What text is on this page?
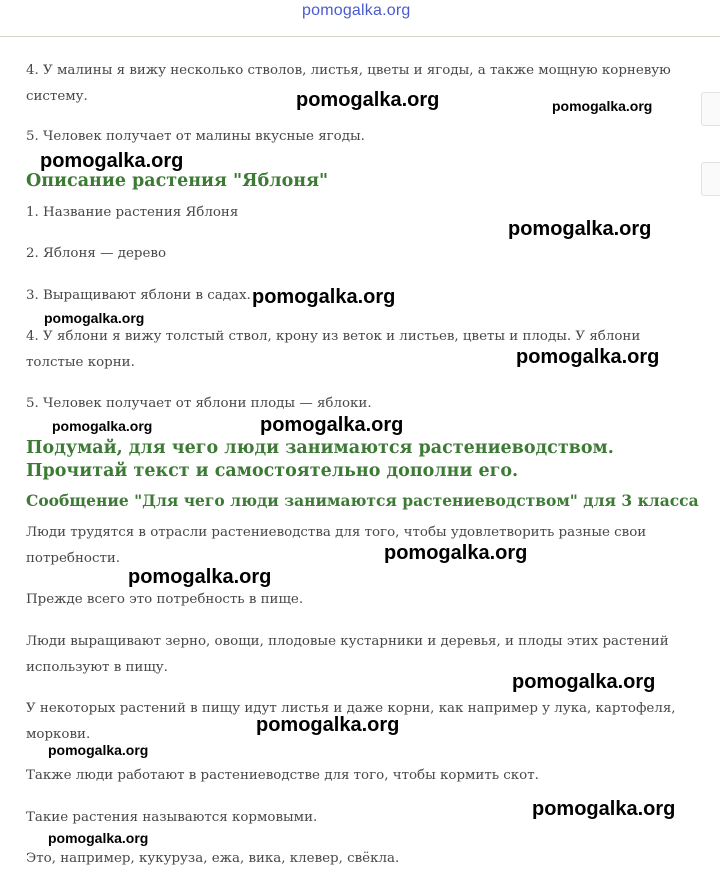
pomogalka.org

4. У малины я вижу несколько стволов, листья, цветы и ягоды, а также мощную корневую систему.

5. Человек получает от малины вкусные ягоды.

Описание растения "Яблоня"

1. Название растения Яблоня

2. Яблоня — дерево

3. Выращивают яблони в садах.

4. У яблони я вижу толстый ствол, крону из веток и листьев, цветы и плоды. У яблони толстые корни.

5. Человек получает от яблони плоды — яблоки.

Подумай, для чего люди занимаются растениеводством.
Прочитай текст и самостоятельно дополни его.
Сообщение "Для чего люди занимаются растениеводством" для 3 класса

Люди трудятся в отрасли растениеводства для того, чтобы удовлетворить разные свои потребности.

Прежде всего это потребность в пище.

Люди выращивают зерно, овощи, плодовые кустарники и деревья, и плоды этих растений используют в пищу.

У некоторых растений в пищу идут листья и даже корни, как например у лука, картофеля, моркови.

Также люди работают в растениеводстве для того, чтобы кормить скот.

Такие растения называются кормовыми.

Это, например, кукуруза, ежа, вика, клевер, свёкла.

pomogalka.org	pomogalka.org
pomogalka.org
pomogalka.org
pomogalka.org
pomogalka.org
pomogalka.org
pomogalka.org	pomogalka.org
pomogalka.org
pomogalka.org
pomogalka.org
pomogalka.org
pomogalka.org
pomogalka.org
pomogalka.org
